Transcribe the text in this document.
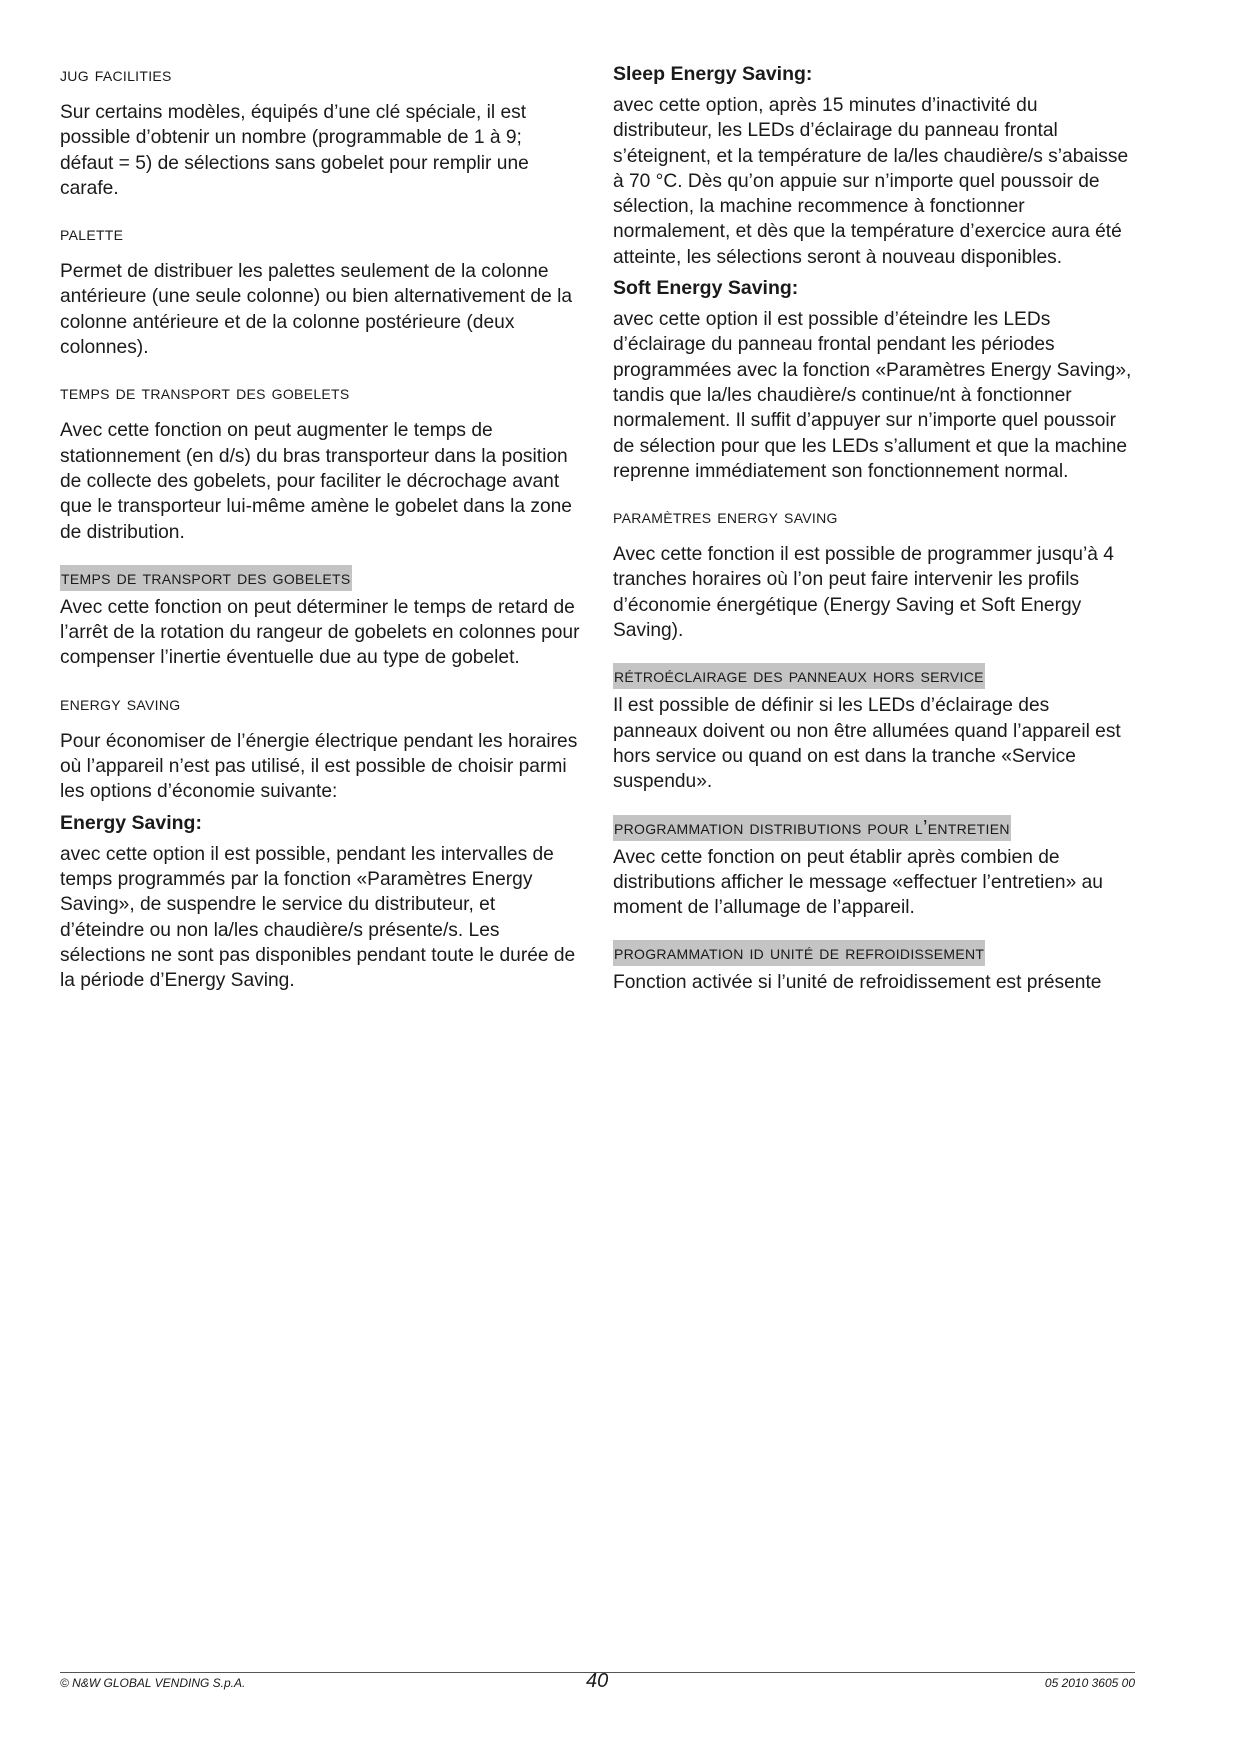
jug facilities

Sur certains modèles, équipés d’une clé spéciale, il est possible d’obtenir un nombre (programmable de 1 à 9; défaut = 5) de sélections sans gobelet pour remplir une carafe.

palette

Permet de distribuer les palettes seulement de la colonne antérieure (une seule colonne) ou bien alternativement de la colonne antérieure et de la colonne postérieure (deux colonnes).

temps de transport des gobelets

Avec cette fonction on peut augmenter le temps de stationnement (en d/s) du bras transporteur dans la position de collecte des gobelets, pour faciliter le décrochage avant que le transporteur lui-même amène le gobelet dans la zone de distribution.

temps de transport des gobelets

Avec cette fonction on peut déterminer le temps de retard de l’arrêt de la rotation du rangeur de gobelets en colonnes pour compenser l’inertie éventuelle due au type de gobelet.

energy saving

Pour économiser de l’énergie électrique pendant les horaires où l’appareil n’est pas utilisé, il est possible de choisir parmi les options d’économie suivante:

Energy Saving:

avec cette option il est possible, pendant les intervalles de temps programmés par la fonction «Paramètres Energy Saving», de suspendre le service du distributeur, et d’éteindre ou non la/les chaudière/s présente/s. Les sélections ne sont pas disponibles pendant toute le durée de la période d’Energy Saving.

Sleep Energy Saving:

avec cette option, après 15 minutes d’inactivité du distributeur, les LEDs d’éclairage du panneau frontal s’éteignent, et la température de la/les chaudière/s s’abaisse à 70 °C. Dès qu’on appuie sur n’importe quel poussoir de sélection, la machine recommence à fonctionner normalement, et dès que la température d’exercice aura été atteinte, les sélections seront à nouveau disponibles.

Soft Energy Saving:

avec cette option il est possible d’éteindre les LEDs d’éclairage du panneau frontal pendant les périodes programmées avec la fonction «Paramètres Energy Saving», tandis que la/les chaudière/s continue/nt à fonctionner normalement. Il suffit d’appuyer sur n’importe quel poussoir de sélection pour que les LEDs s’allument et que la machine reprenne immédiatement son fonctionnement normal.

paramètres energy saving

Avec cette fonction il est possible de programmer jusqu’à 4 tranches horaires où l’on peut faire intervenir les profils d’économie énergétique (Energy Saving et Soft Energy Saving).

rétroéclairage des panneaux hors service

Il est possible de définir si les LEDs d’éclairage des panneaux doivent ou non être allumées quand l’appareil est hors service ou quand on est dans la tranche «Service suspendu».

programmation distributions pour l’entretien

Avec cette fonction on peut établir après combien de distributions afficher le message «effectuer l’entretien» au moment de l’allumage de l’appareil.

programmation id unité de refroidissement

Fonction activée si l’unité de refroidissement est présente

© N&W GLOBAL VENDING S.p.A.	40	05 2010 3605 00
